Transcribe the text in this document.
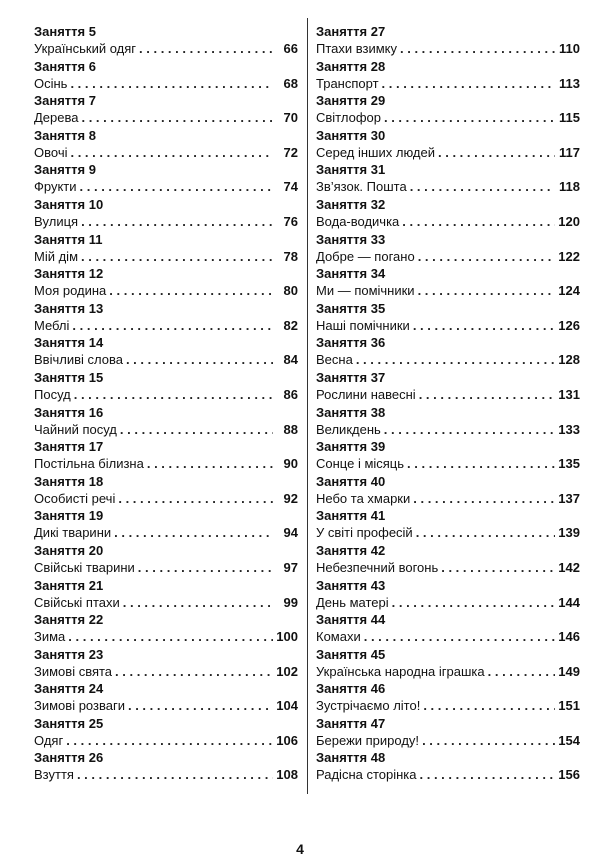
Заняття 5
Український одяг . . .	66
Заняття 6
Осінь . . .	68
Заняття 7
Дерева . . .	70
Заняття 8
Овочі . . .	72
Заняття 9
Фрукти . . .	74
Заняття 10
Вулиця . . .	76
Заняття 11
Мій дім . . .	78
Заняття 12
Моя родина . . .	80
Заняття 13
Меблі . . .	82
Заняття 14
Ввічливі слова . . .	84
Заняття 15
Посуд . . .	86
Заняття 16
Чайний посуд . . .	88
Заняття 17
Постільна білизна . . .	90
Заняття 18
Особисті речі . . .	92
Заняття 19
Дикі тварини . . .	94
Заняття 20
Свійські тварини . . .	97
Заняття 21
Свійські птахи . . .	99
Заняття 22
Зима . . .	100
Заняття 23
Зимові свята . . .	102
Заняття 24
Зимові розваги . . .	104
Заняття 25
Одяг . . .	106
Заняття 26
Взуття . . .	108
Заняття 27
Птахи взимку . . .	110
Заняття 28
Транспорт . . .	113
Заняття 29
Світлофор . . .	115
Заняття 30
Серед інших людей . . .	117
Заняття 31
Зв’язок. Пошта . . .	118
Заняття 32
Вода-водичка . . .	120
Заняття 33
Добре — погано . . .	122
Заняття 34
Ми — помічники . . .	124
Заняття 35
Наші помічники . . .	126
Заняття 36
Весна . . .	128
Заняття 37
Рослини навесні . . .	131
Заняття 38
Великдень . . .	133
Заняття 39
Сонце і місяць . . .	135
Заняття 40
Небо та хмарки . . .	137
Заняття 41
У світі професій . . .	139
Заняття 42
Небезпечний вогонь . . .	142
Заняття 43
День матері . . .	144
Заняття 44
Комахи . . .	146
Заняття 45
Українська народна іграшка . . .	149
Заняття 46
Зустрічаємо літо! . . .	151
Заняття 47
Бережи природу! . . .	154
Заняття 48
Радісна сторінка . . .	156
4
